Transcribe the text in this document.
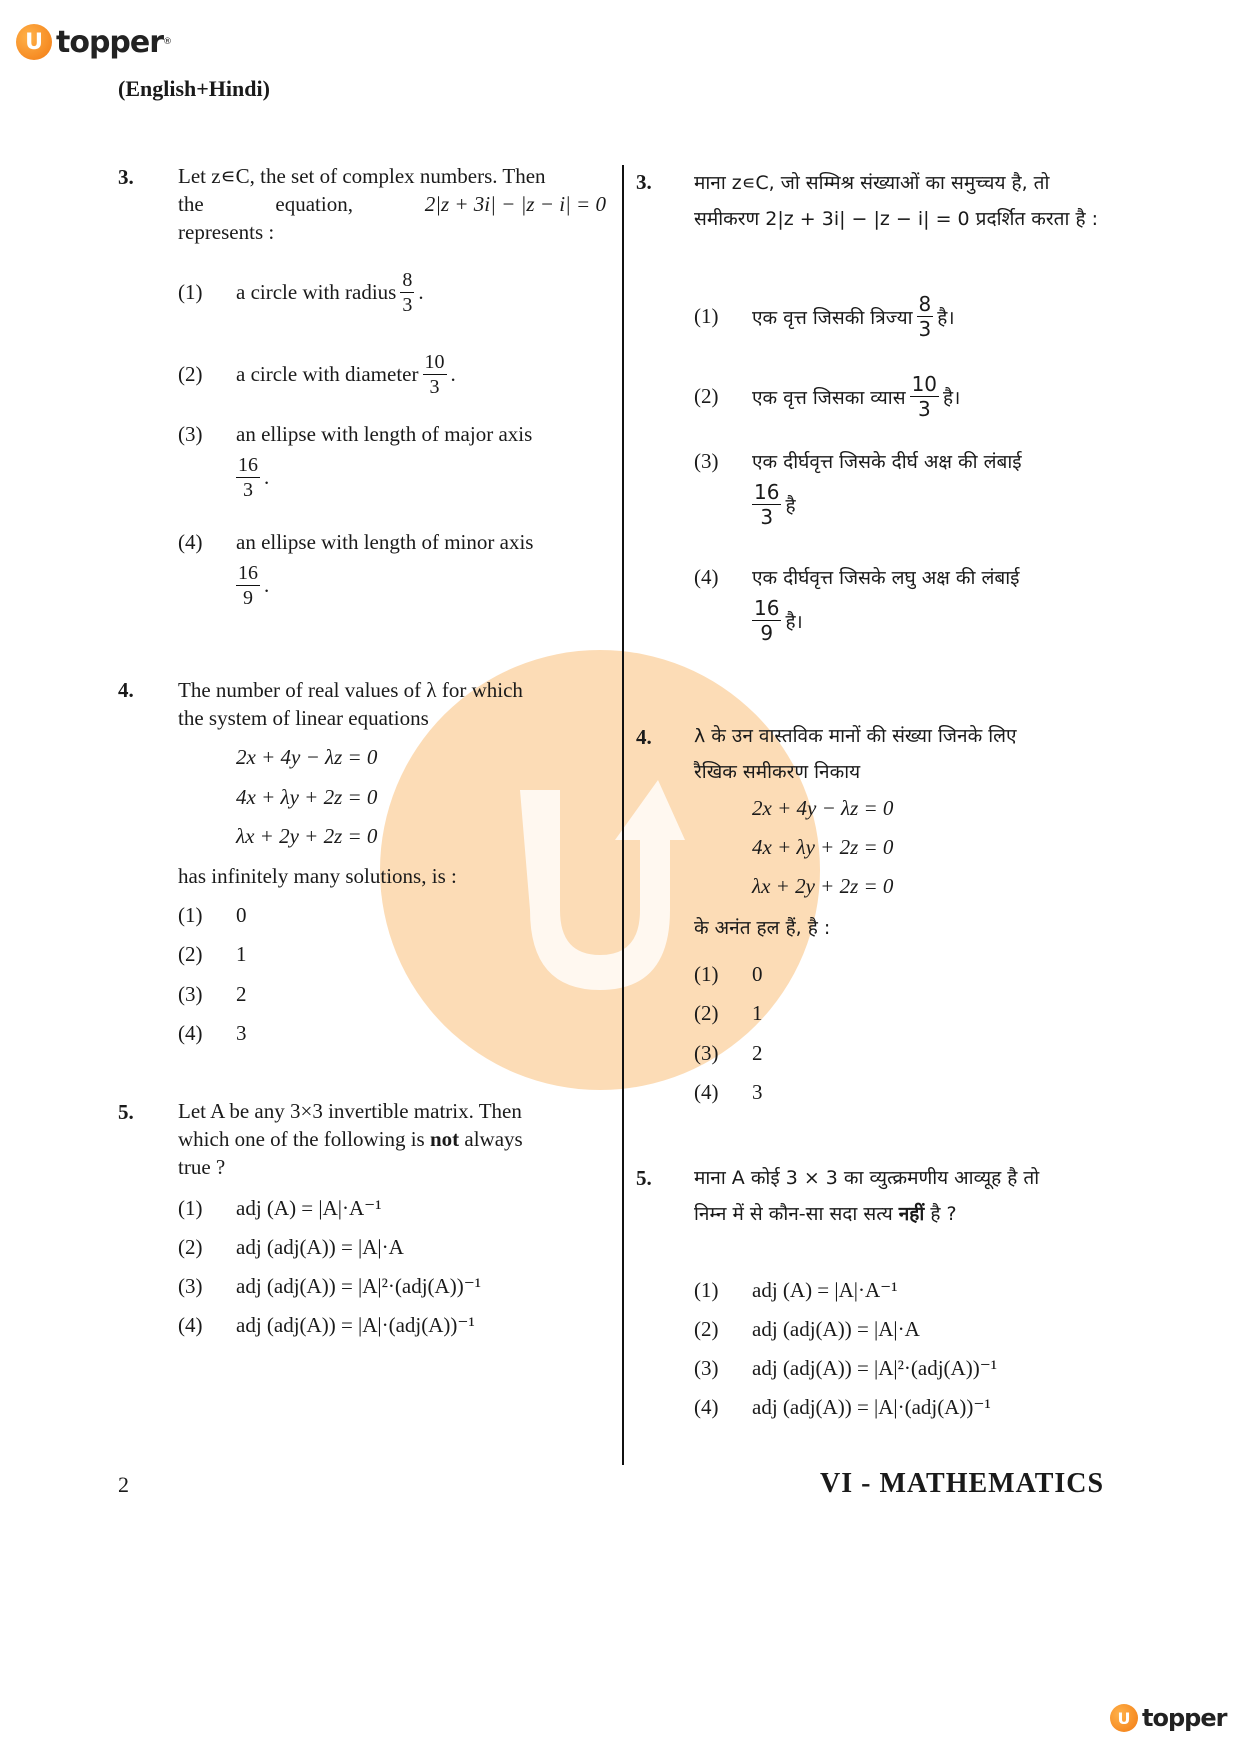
U topper ®
(English+Hindi)
3. Let z∊C, the set of complex numbers. Then
the	equation,	2|z + 3i| − |z − i| = 0
represents :
(1)	a circle with radius $\frac{8}{3}$ .
(2)	a circle with diameter $\frac{10}{3}$ .
(3) an ellipse with length of major axis
$\frac{16}{3}$ .
(4) an ellipse with length of minor axis
$\frac{16}{9}$ .
4. The number of real values of λ for which
the system of linear equations
2x + 4y − λz = 0
4x + λy + 2z = 0
λx + 2y + 2z = 0
has infinitely many solutions, is :
(1) 0
(2) 1
(3) 2
(4) 3
5. Let A be any 3×3 invertible matrix. Then
which one of the following is not always
true ?
(1) adj (A) = |A|·A⁻¹
(2) adj (adj(A)) = |A|·A
(3) adj (adj(A)) = |A|²·(adj(A))⁻¹
(4) adj (adj(A)) = |A|·(adj(A))⁻¹
3. माना z∊C, जो सम्मिश्र संख्याओं का समुच्चय है, तो
समीकरण 2|z + 3i| − |z − i| = 0 प्रदर्शित करता है :
(1)	एक वृत्त जिसकी त्रिज्या $\frac{8}{3}$ है।
(2)	एक वृत्त जिसका व्यास $\frac{10}{3}$ है।
(3) एक दीर्घवृत्त जिसके दीर्घ अक्ष की लंबाई
$\frac{16}{3}$ है
(4) एक दीर्घवृत्त जिसके लघु अक्ष की लंबाई
$\frac{16}{9}$ है।
4. λ के उन वास्तविक मानों की संख्या जिनके लिए
रैखिक समीकरण निकाय
2x + 4y − λz = 0
4x + λy + 2z = 0
λx + 2y + 2z = 0
के अनंत हल हैं, है :
(1) 0
(2) 1
(3) 2
(4) 3
5. माना A कोई 3 × 3 का व्युत्क्रमणीय आव्यूह है तो
निम्न में से कौन-सा सदा सत्य नहीं है ?
(1) adj (A) = |A|·A⁻¹
(2) adj (adj(A)) = |A|·A
(3) adj (adj(A)) = |A|²·(adj(A))⁻¹
(4) adj (adj(A)) = |A|·(adj(A))⁻¹
2	VI - MATHEMATICS
U topper
